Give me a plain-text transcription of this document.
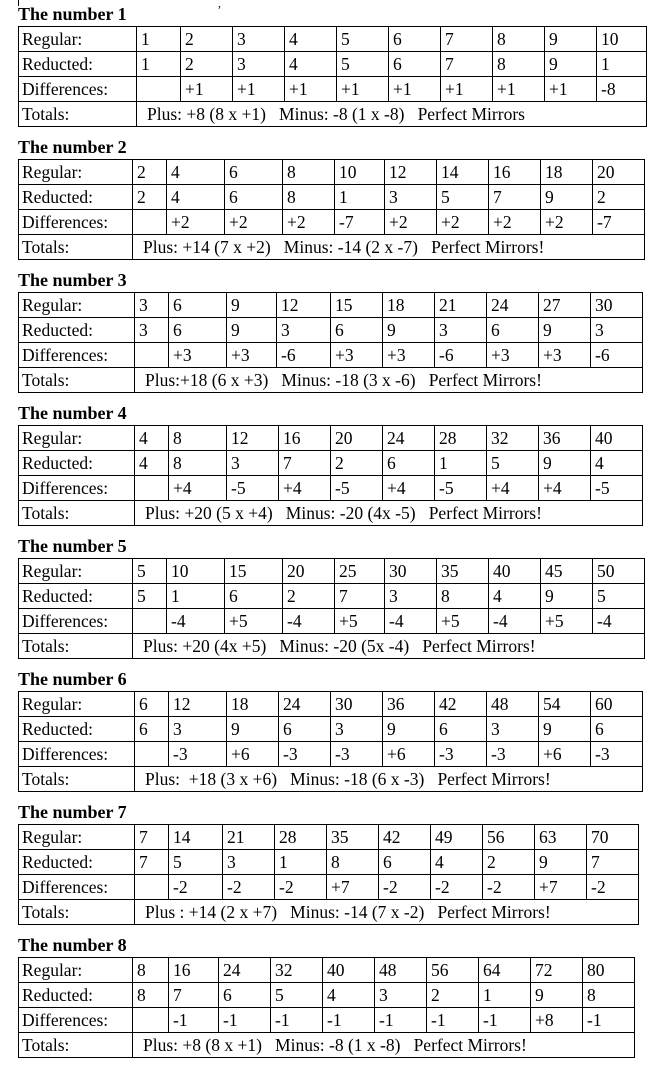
,
The number 1
Regular:	1	2	3	4	5	6	7	8	9	10
Reducted:	1	2	3	4	5	6	7	8	9	1
Differences:		+1	+1	+1	+1	+1	+1	+1	+1	-8
Totals:	Plus: +8 (8 x +1)   Minus: -8 (1 x -8)   Perfect Mirrors									
The number 2
Regular:	2	4	6	8	10	12	14	16	18	20
Reducted:	2	4	6	8	1	3	5	7	9	2
Differences:		+2	+2	+2	-7	+2	+2	+2	+2	-7
Totals:	Plus: +14 (7 x +2)   Minus: -14 (2 x -7)   Perfect Mirrors!									
The number 3
Regular:	3	6	9	12	15	18	21	24	27	30
Reducted:	3	6	9	3	6	9	3	6	9	3
Differences:		+3	+3	-6	+3	+3	-6	+3	+3	-6
Totals:	Plus:+18 (6 x +3)   Minus: -18 (3 x -6)   Perfect Mirrors!									
The number 4
Regular:	4	8	12	16	20	24	28	32	36	40
Reducted:	4	8	3	7	2	6	1	5	9	4
Differences:		+4	-5	+4	-5	+4	-5	+4	+4	-5
Totals:	Plus: +20 (5 x +4)   Minus: -20 (4x -5)   Perfect Mirrors!									
The number 5
Regular:	5	10	15	20	25	30	35	40	45	50
Reducted:	5	1	6	2	7	3	8	4	9	5
Differences:		-4	+5	-4	+5	-4	+5	-4	+5	-4
Totals:	Plus: +20 (4x +5)   Minus: -20 (5x -4)   Perfect Mirrors!									
The number 6
Regular:	6	12	18	24	30	36	42	48	54	60
Reducted:	6	3	9	6	3	9	6	3	9	6
Differences:		-3	+6	-3	-3	+6	-3	-3	+6	-3
Totals:	Plus:  +18 (3 x +6)   Minus: -18 (6 x -3)   Perfect Mirrors!									
The number 7
Regular:	7	14	21	28	35	42	49	56	63	70
Reducted:	7	5	3	1	8	6	4	2	9	7
Differences:		-2	-2	-2	+7	-2	-2	-2	+7	-2
Totals:	Plus : +14 (2 x +7)   Minus: -14 (7 x -2)   Perfect Mirrors!									
The number 8
Regular:	8	16	24	32	40	48	56	64	72	80
Reducted:	8	7	6	5	4	3	2	1	9	8
Differences:		-1	-1	-1	-1	-1	-1	-1	+8	-1
Totals:	Plus: +8 (8 x +1)   Minus: -8 (1 x -8)   Perfect Mirrors!									
